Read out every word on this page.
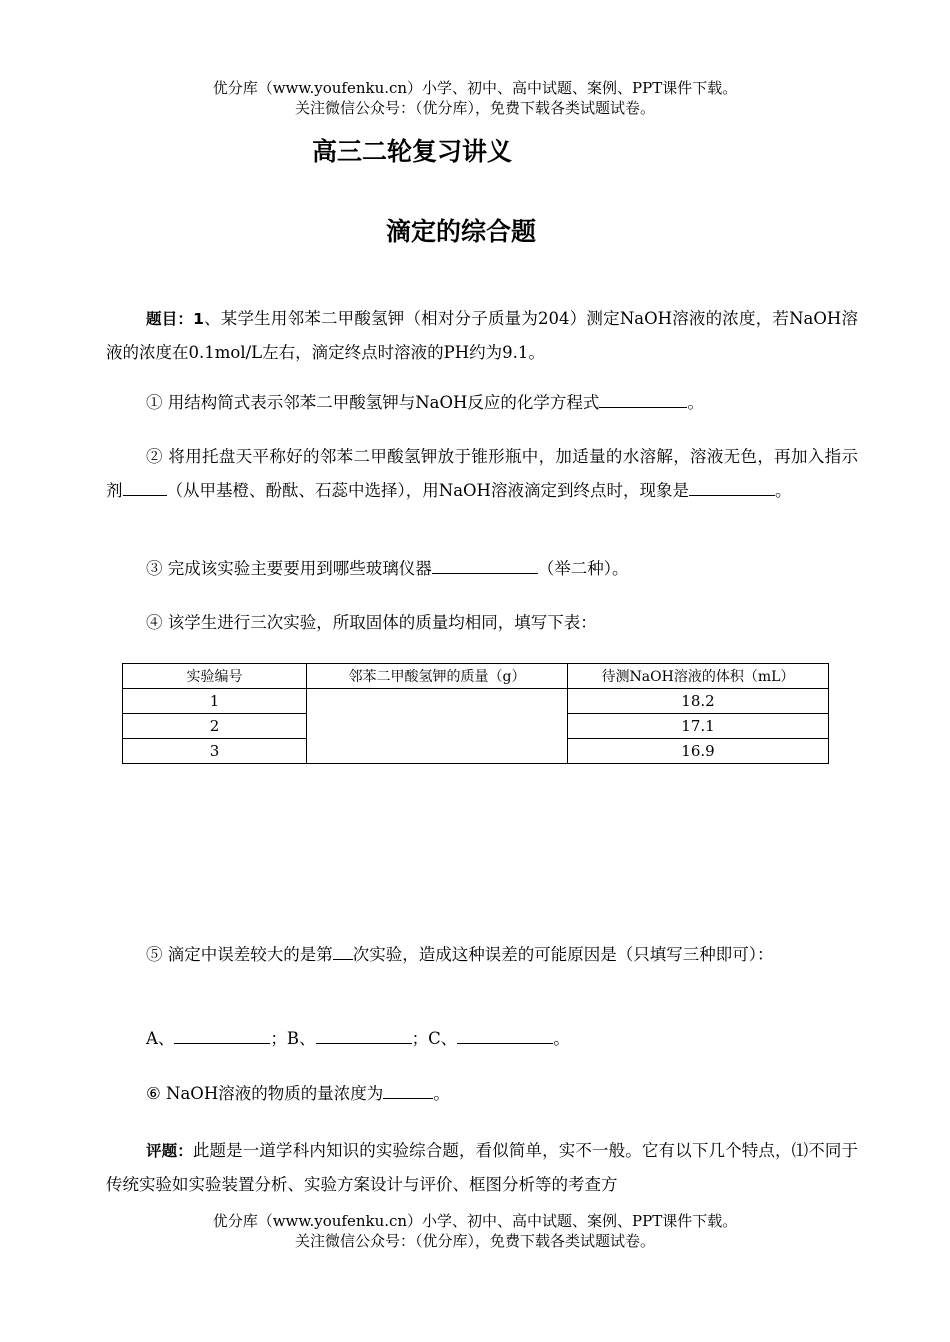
优分库（www.youfenku.cn）小学、初中、高中试题、案例、PPT课件下载。
关注微信公众号：（优分库），免费下载各类试题试卷。
高三二轮复习讲义
滴定的综合题
题目：1、某学生用邻苯二甲酸氢钾（相对分子质量为204）测定NaOH溶液的浓度，若NaOH溶液的浓度在0.1mol/L左右，滴定终点时溶液的PH约为9.1。
① 用结构简式表示邻苯二甲酸氢钾与NaOH反应的化学方程式	。
② 将用托盘天平称好的邻苯二甲酸氢钾放于锥形瓶中，加适量的水溶解，溶液无色，再加入指示剂	（从甲基橙、酚酞、石蕊中选择），用NaOH溶液滴定到终点时，现象是	。
③ 完成该实验主要要用到哪些玻璃仪器	（举二种）。
④ 该学生进行三次实验，所取固体的质量均相同，填写下表：
实验编号	邻苯二甲酸氢钾的质量（g）	待测NaOH溶液的体积（mL）
1		18.2
2		17.1
3		16.9
⑤ 滴定中误差较大的是第 次实验，造成这种误差的可能原因是（只填写三种即可）：
A、	；B、	；C、	。
⑥ NaOH溶液的物质的量浓度为	。
评题：此题是一道学科内知识的实验综合题，看似简单，实不一般。它有以下几个特点，⑴不同于传统实验如实验装置分析、实验方案设计与评价、框图分析等的考查方
优分库（www.youfenku.cn）小学、初中、高中试题、案例、PPT课件下载。
关注微信公众号：（优分库），免费下载各类试题试卷。
